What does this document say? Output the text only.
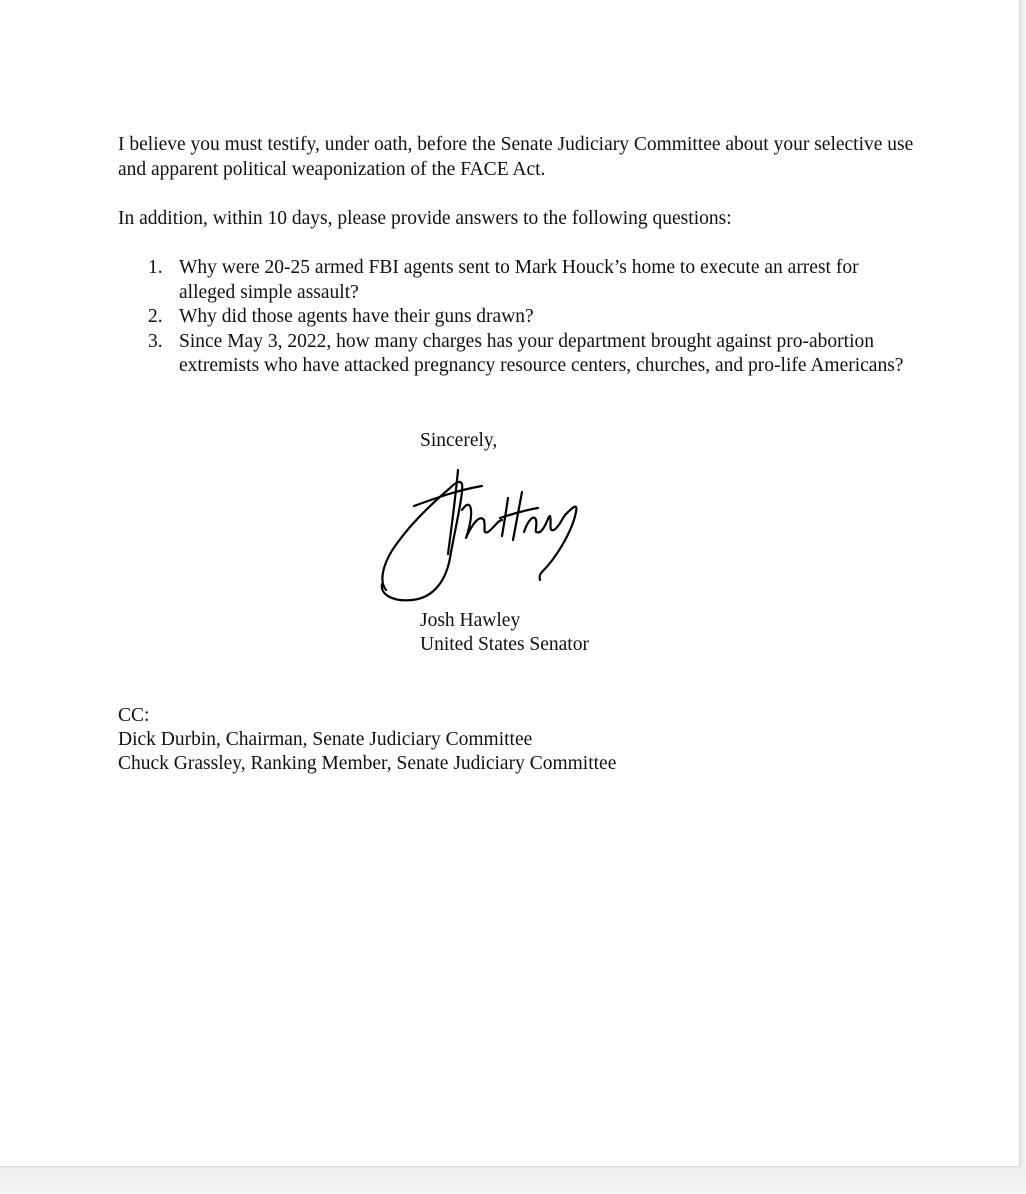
I believe you must testify, under oath, before the Senate Judiciary Committee about your selective use and apparent political weaponization of the FACE Act.

In addition, within 10 days, please provide answers to the following questions:

1. Why were 20-25 armed FBI agents sent to Mark Houck’s home to execute an arrest for alleged simple assault?
2. Why did those agents have their guns drawn?
3. Since May 3, 2022, how many charges has your department brought against pro-abortion extremists who have attacked pregnancy resource centers, churches, and pro-life Americans?

Sincerely,

Josh Hawley

United States Senator

CC:

Dick Durbin, Chairman, Senate Judiciary Committee

Chuck Grassley, Ranking Member, Senate Judiciary Committee
